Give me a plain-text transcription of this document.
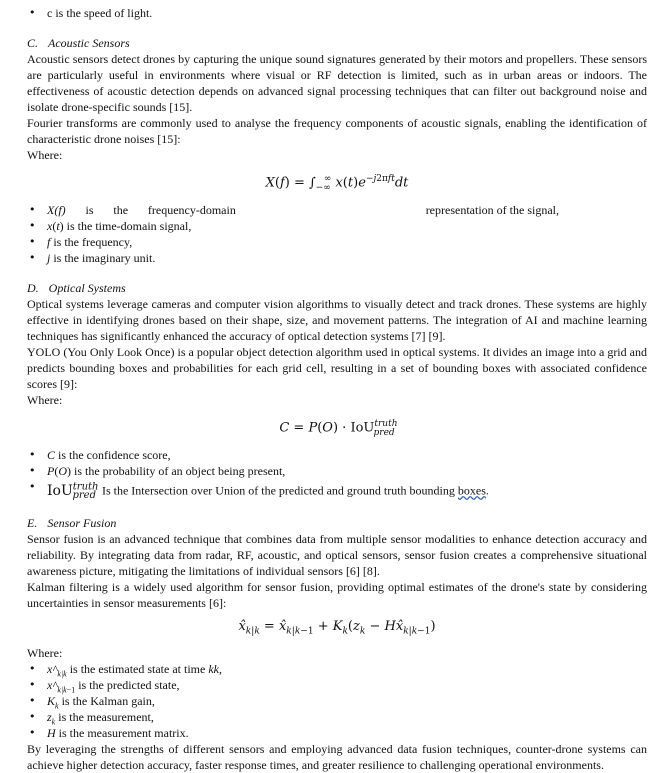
• c is the speed of light.

C. Acoustic Sensors

Acoustic sensors detect drones by capturing the unique sound signatures generated by their motors and propellers. These sensors are particularly useful in environments where visual or RF detection is limited, such as in urban areas or indoors. The effectiveness of acoustic detection depends on advanced signal processing techniques that can filter out background noise and isolate drone-specific sounds [15].

Fourier transforms are commonly used to analyse the frequency components of acoustic signals, enabling the identification of characteristic drone noises [15]:

Where:

$X(f) = \int_{-\infty}^\infty$ $x(t)e^{-j2\pi ft}dt$
• X(f) is the frequency-domain	representation of the signal,
• x(t) is the time-domain signal,
• f is the frequency,
• j is the imaginary unit.

D. Optical Systems

Optical systems leverage cameras and computer vision algorithms to visually detect and track drones. These systems are highly effective in identifying drones based on their shape, size, and movement patterns. The integration of AI and machine learning techniques has significantly enhanced the accuracy of optical detection systems [7] [9].

YOLO (You Only Look Once) is a popular object detection algorithm used in optical systems. It divides an image into a grid and predicts bounding boxes and probabilities for each grid cell, resulting in a set of bounding boxes with associated confidence scores [9]:

Where:

C = P(O) · IoU$^{truth}_{pred}$
• C is the confidence score,
• P(O) is the probability of an object being present,
• IoU$^{truth}_{pred}$  Is the Intersection over Union of the predicted and ground truth bounding boxes.

E. Sensor Fusion

Sensor fusion is an advanced technique that combines data from multiple sensor modalities to enhance detection accuracy and reliability. By integrating data from radar, RF, acoustic, and optical sensors, sensor fusion creates a comprehensive situational awareness picture, mitigating the limitations of individual sensors [6] [8].

Kalman filtering is a widely used algorithm for sensor fusion, providing optimal estimates of the drone's state by considering uncertainties in sensor measurements [6]:

$x̂_{k|k}$ = $x̂_{k|k-1} + K_k(z_k$ − $Hx̂_{k|k-1}$)

Where:

• $x\^{}_{k|k}$ is the estimated state at time kk,
• $x\^{}_{k|k-1}$ is the predicted state,
• $K_k$ is the Kalman gain,
• $z_k$ is the measurement,
• H is the measurement matrix.

By leveraging the strengths of different sensors and employing advanced data fusion techniques, counter-drone systems can achieve higher detection accuracy, faster response times, and greater resilience to challenging operational environments.
